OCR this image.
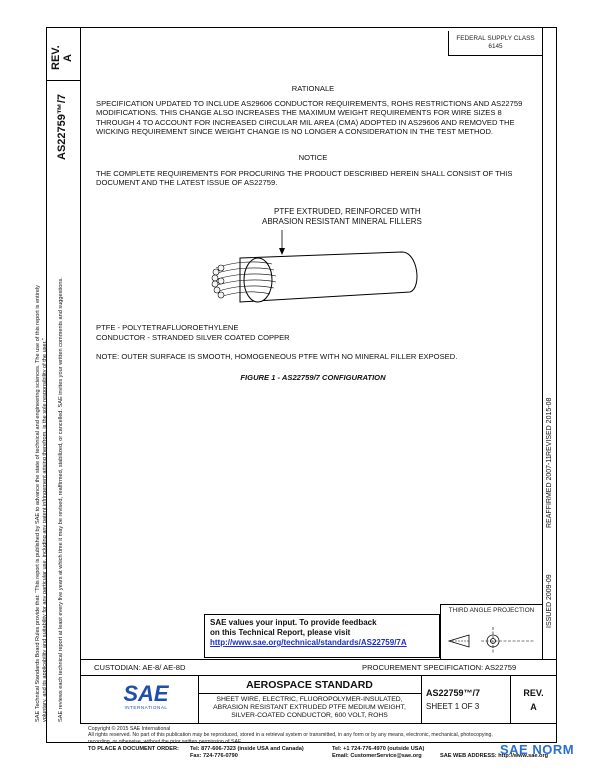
REV. A
AS22759™/7
FEDERAL SUPPLY CLASS
6145
SAE Technical Standards Board Rules provide that: “This report is published by SAE to advance the state of technical and engineering sciences. The use of this report is entirely voluntary, and its applicability and suitability for any particular use, including any patent infringement arising therefrom, is the sole responsibility of the user.” SAE reviews each technical report at least every five years at which time it may be revised, reaffirmed, stabilized, or cancelled. SAE invites your written comments and suggestions.	ISSUED 2009-09
REAFFIRMED 2007-11
REVISED 2015-08
RATIONALE
SPECIFICATION UPDATED TO INCLUDE AS29606 CONDUCTOR REQUIREMENTS, ROHS RESTRICTIONS AND AS22759 MODIFICATIONS. THIS CHANGE ALSO INCREASES THE MAXIMUM WEIGHT REQUIREMENTS FOR WIRE SIZES 8 THROUGH 4 TO ACCOUNT FOR INCREASED CIRCULAR MIL AREA (CMA) ADOPTED IN AS29606 AND REMOVED THE WICKING REQUIREMENT SINCE WEIGHT CHANGE IS NO LONGER A CONSIDERATION IN THE TEST METHOD.
NOTICE
THE COMPLETE REQUIREMENTS FOR PROCURING THE PRODUCT DESCRIBED HEREIN SHALL CONSIST OF THIS DOCUMENT AND THE LATEST ISSUE OF AS22759.
PTFE EXTRUDED, REINFORCED WITH
ABRASION RESISTANT MINERAL FILLERS
PTFE - POLYTETRAFLUOROETHYLENE
CONDUCTOR - STRANDED SILVER COATED COPPER
NOTE: OUTER SURFACE IS SMOOTH, HOMOGENEOUS PTFE WITH NO MINERAL FILLER EXPOSED.
FIGURE 1 - AS22759/7 CONFIGURATION
SAE values your input. To provide feedback
on this Technical Report, please visit
http://www.sae.org/technical/standards/AS22759/7A
THIRD ANGLE PROJECTION
CUSTODIAN: AE-8/ AE-8D	PROCUREMENT SPECIFICATION: AS22759
SAE
INTERNATIONAL
AEROSPACE STANDARD
SHEET WIRE, ELECTRIC, FLUOROPOLYMER-INSULATED,
ABRASION RESISTANT EXTRUDED PTFE MEDIUM WEIGHT,
SILVER-COATED CONDUCTOR, 600 VOLT, ROHS
AS22759™/7
SHEET 1 OF 3
REV.
A
Copyright © 2015 SAE International
All rights reserved. No part of this publication may be reproduced, stored in a retrieval system or transmitted, in any form or by any means, electronic, mechanical, photocopying,
recording, or otherwise, without the prior written permission of SAE.
TO PLACE A DOCUMENT ORDER: Tel: 877-606-7323 (inside USA and Canada)
Fax: 724-776-0790
Tel: +1 724-776-4970 (outside USA)
Email: CustomerService@sae.org	SAE WEB ADDRESS: http://www.sae.org
SAE NORM
